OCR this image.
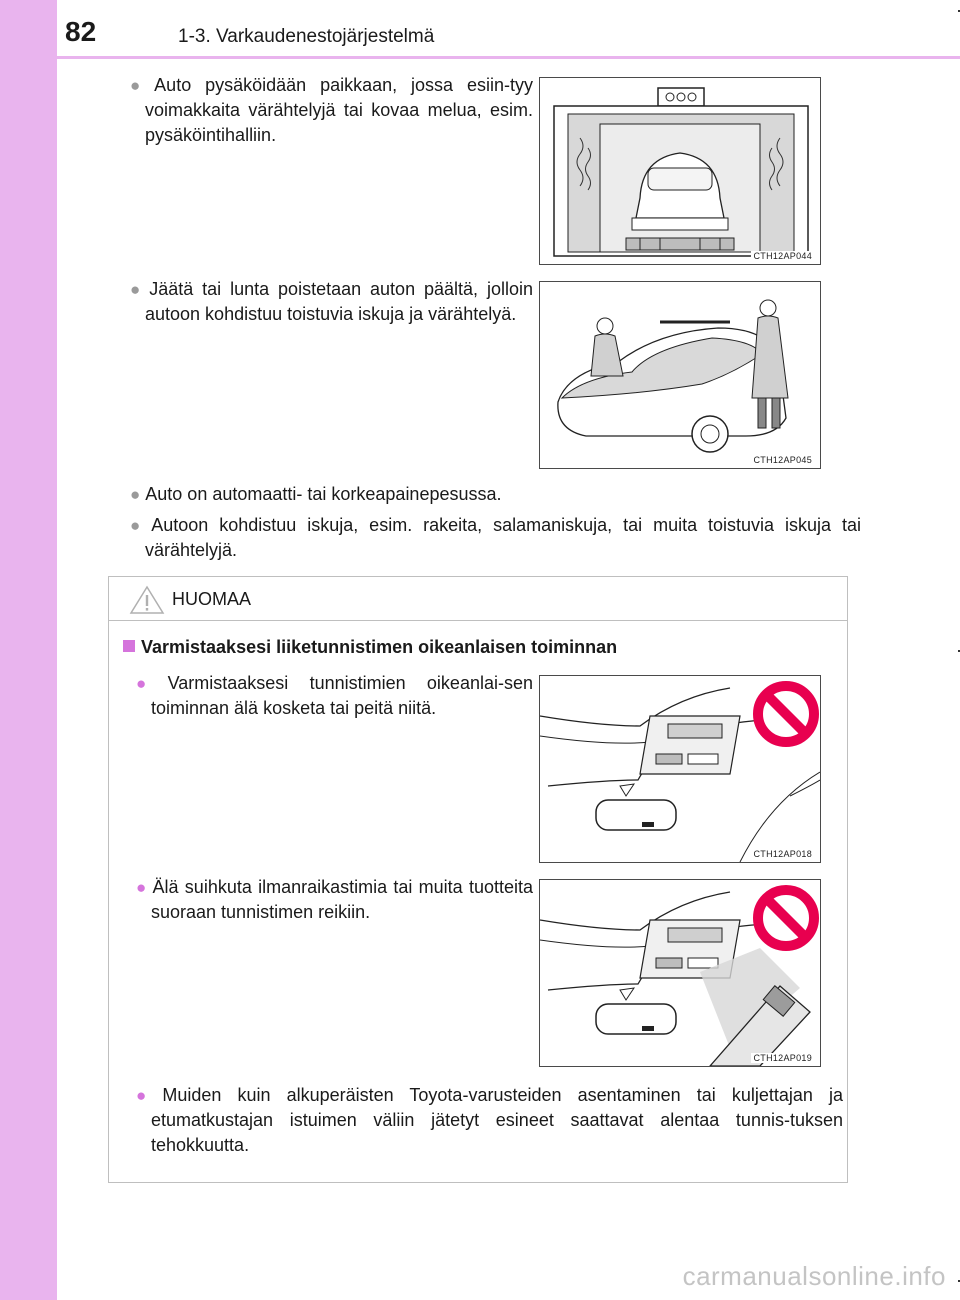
82	1-3. Varkaudenestojärjestelmä
● Auto pysäköidään paikkaan, jossa esiin-tyy voimakkaita värähtelyjä tai kovaa melua, esim. pysäköintihalliin.
CTH12AP044
● Jäätä tai lunta poistetaan auton päältä, jolloin autoon kohdistuu toistuvia iskuja ja värähtelyä.
CTH12AP045
● Auto on automaatti- tai korkeapainepesussa.
● Autoon kohdistuu iskuja, esim. rakeita, salamaniskuja, tai muita toistuvia iskuja tai värähtelyjä.
HUOMAA
Varmistaaksesi liiketunnistimen oikeanlaisen toiminnan
● Varmistaaksesi tunnistimien oikeanlai-sen toiminnan älä kosketa tai peitä niitä.
CTH12AP018
● Älä suihkuta ilmanraikastimia tai muita tuotteita suoraan tunnistimen reikiin.
CTH12AP019
● Muiden kuin alkuperäisten Toyota-varusteiden asentaminen tai kuljettajan ja etumatkustajan istuimen väliin jätetyt esineet saattavat alentaa tunnis-tuksen tehokkuutta.
carmanualsonline.info
